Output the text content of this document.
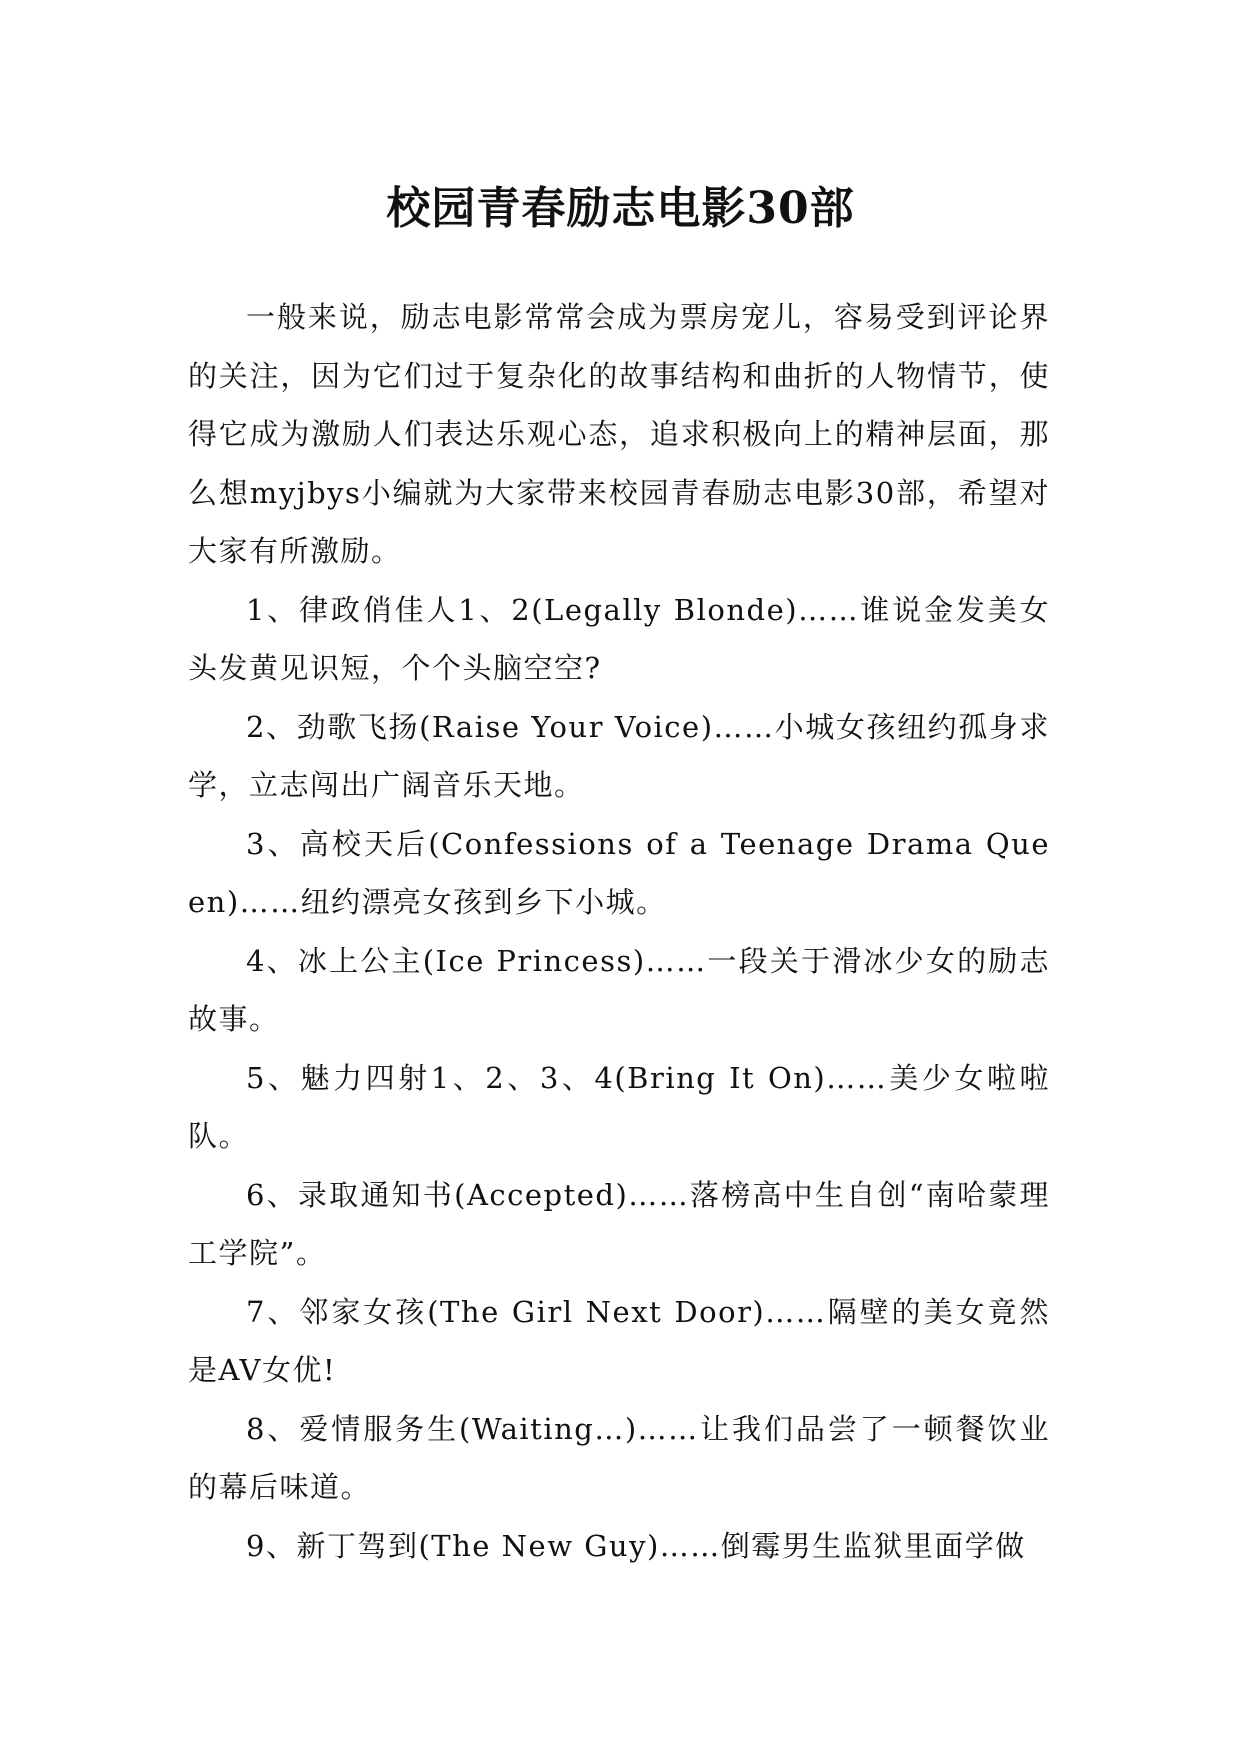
校园青春励志电影30部

一般来说，励志电影常常会成为票房宠儿，容易受到评论界的关注，因为它们过于复杂化的故事结构和曲折的人物情节，使得它成为激励人们表达乐观心态，追求积极向上的精神层面，那么想myjbys小编就为大家带来校园青春励志电影30部，希望对大家有所激励。

1、律政俏佳人1、2(Legally Blonde)……谁说金发美女头发黄见识短，个个头脑空空?

2、劲歌飞扬(Raise Your Voice)……小城女孩纽约孤身求学，立志闯出广阔音乐天地。

3、高校天后(Confessions of a Teenage Drama Queen)……纽约漂亮女孩到乡下小城。

4、冰上公主(Ice Princess)……一段关于滑冰少女的励志故事。

5、魅力四射1、2、3、4(Bring It On)……美少女啦啦队。

6、录取通知书(Accepted)……落榜高中生自创“南哈蒙理工学院”。

7、邻家女孩(The Girl Next Door)……隔壁的美女竟然是AV女优!

8、爱情服务生(Waiting…)……让我们品尝了一顿餐饮业的幕后味道。

9、新丁驾到(The New Guy)……倒霉男生监狱里面学做
